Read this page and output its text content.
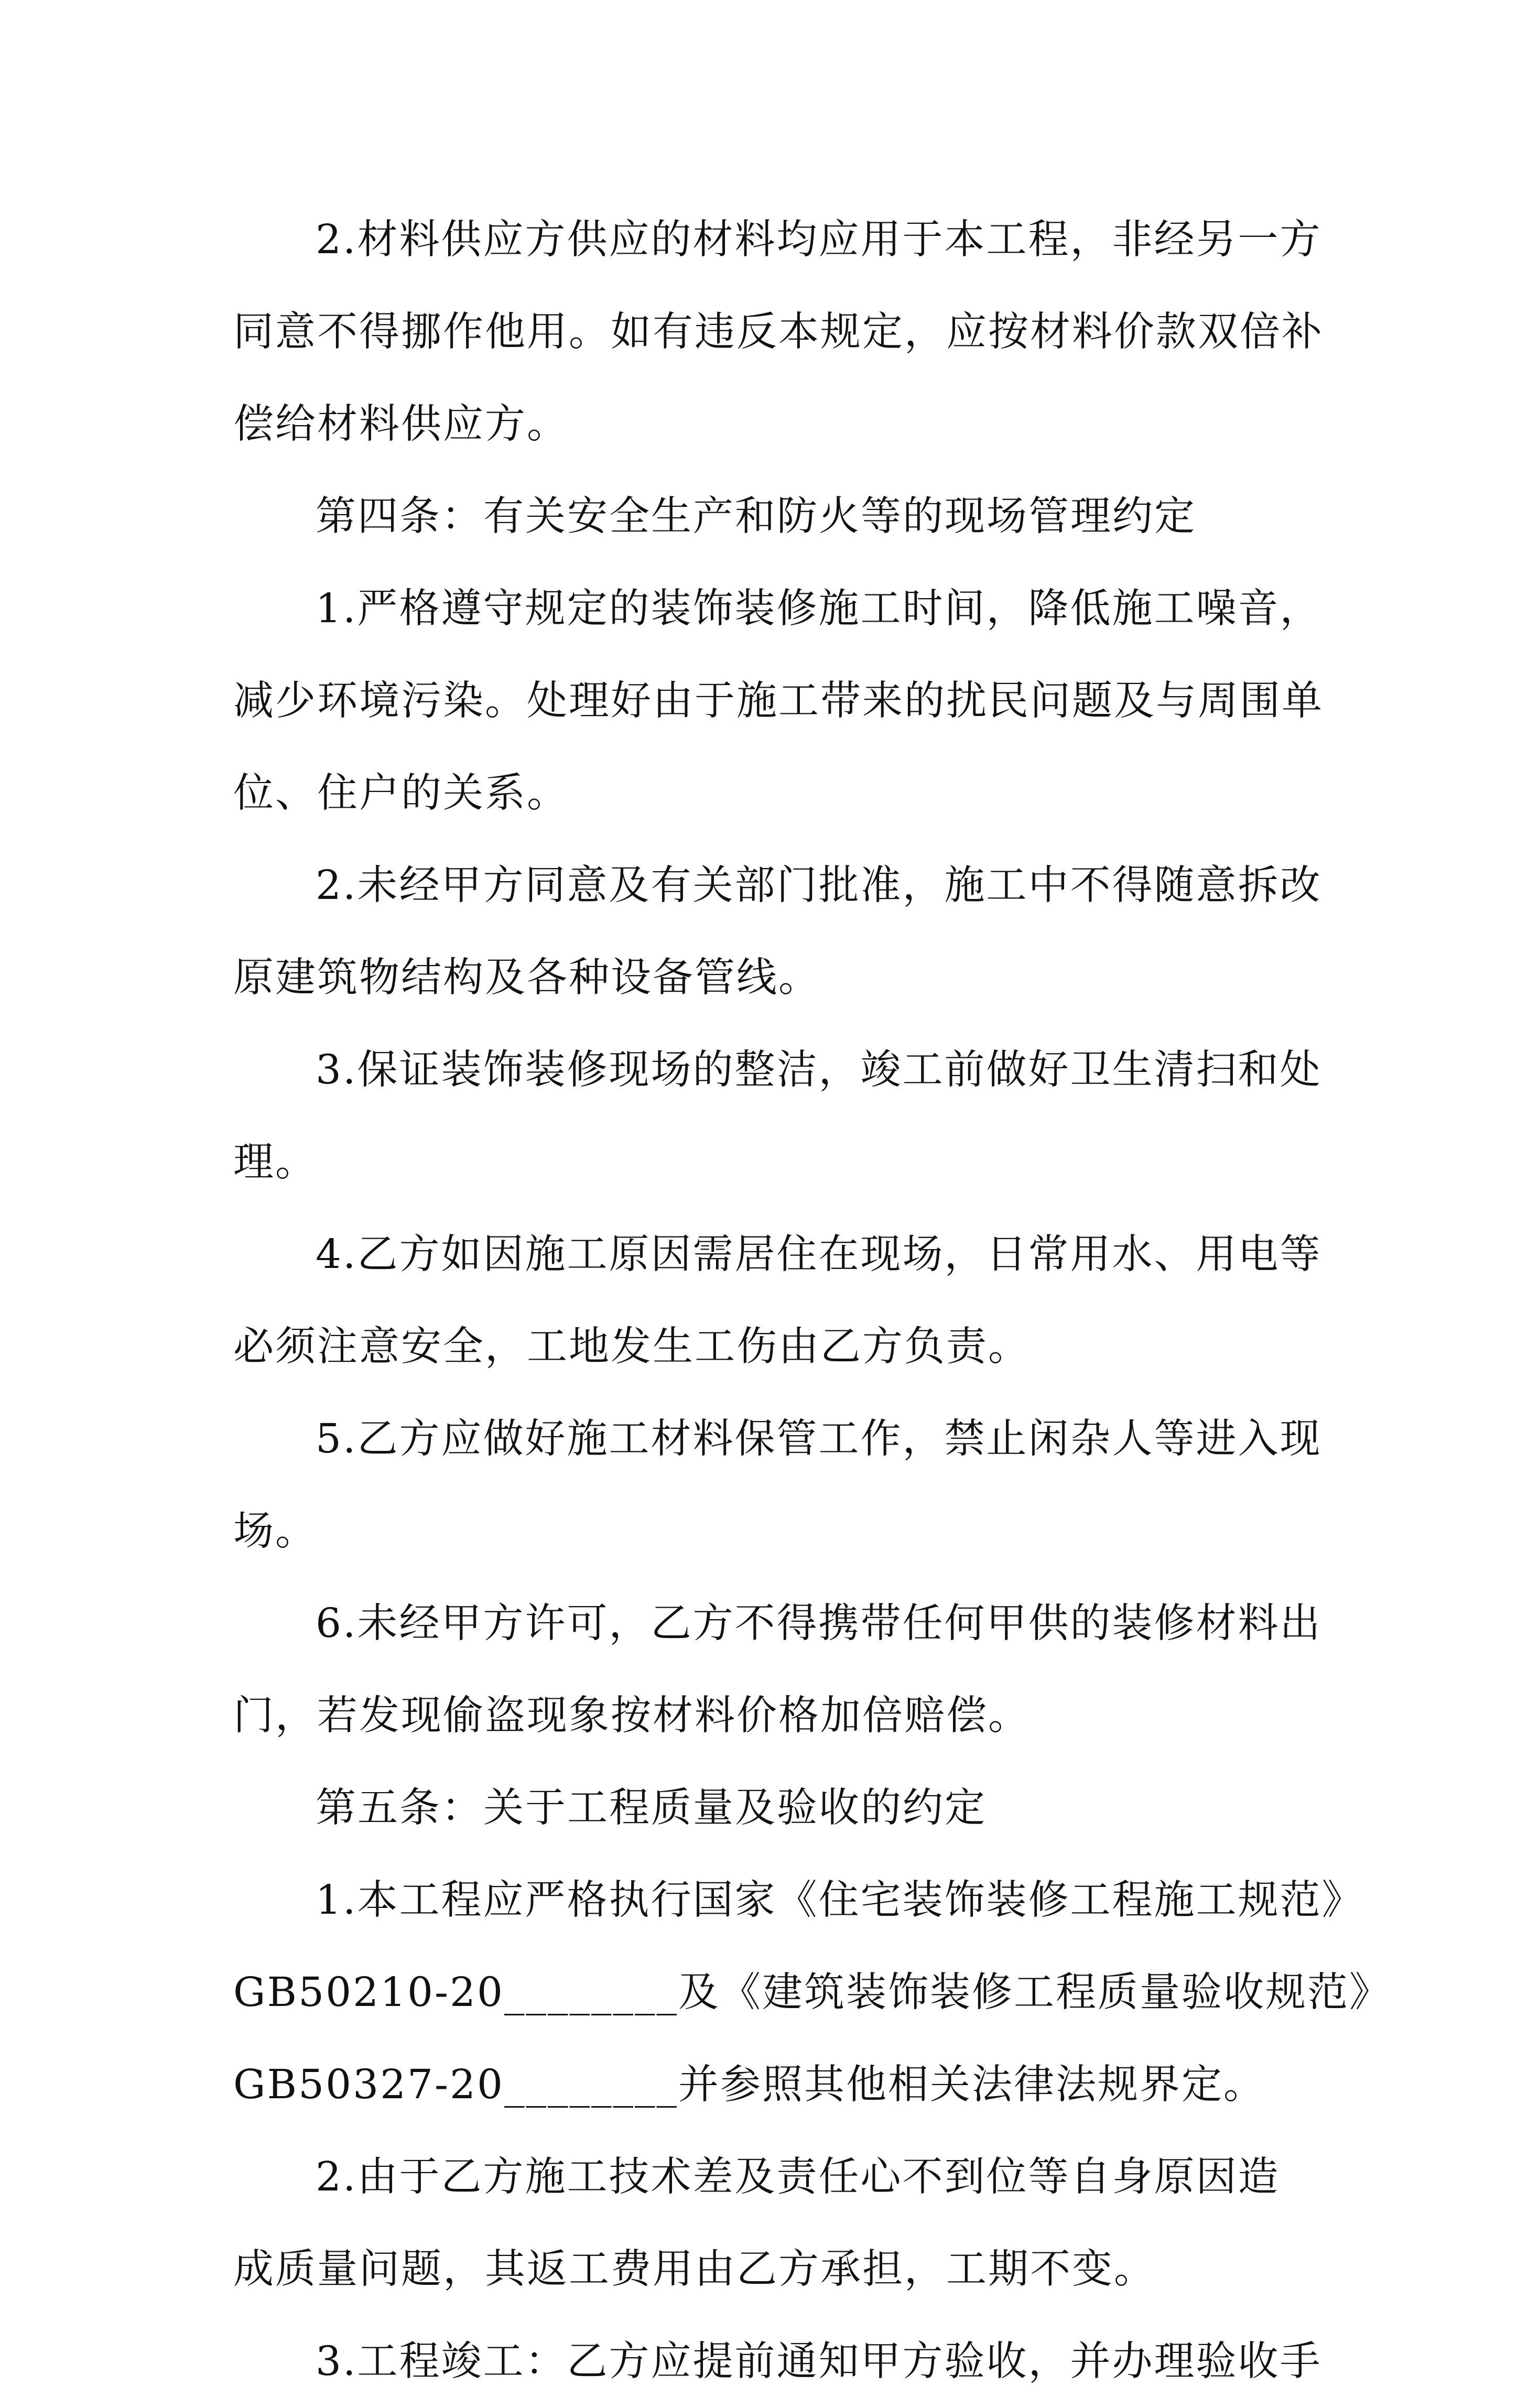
2.材料供应方供应的材料均应用于本工程，非经另一方
同意不得挪作他用。如有违反本规定，应按材料价款双倍补
偿给材料供应方。
第四条：有关安全生产和防火等的现场管理约定
1.严格遵守规定的装饰装修施工时间，降低施工噪音，
减少环境污染。处理好由于施工带来的扰民问题及与周围单
位、住户的关系。
2.未经甲方同意及有关部门批准，施工中不得随意拆改
原建筑物结构及各种设备管线。
3.保证装饰装修现场的整洁，竣工前做好卫生清扫和处
理。
4.乙方如因施工原因需居住在现场，日常用水、用电等
必须注意安全，工地发生工伤由乙方负责。
5.乙方应做好施工材料保管工作，禁止闲杂人等进入现
场。
6.未经甲方许可，乙方不得携带任何甲供的装修材料出
门，若发现偷盗现象按材料价格加倍赔偿。
第五条：关于工程质量及验收的约定
1.本工程应严格执行国家《住宅装饰装修工程施工规范》
GB50210-20________及《建筑装饰装修工程质量验收规范》
GB50327-20________并参照其他相关法律法规界定。
2.由于乙方施工技术差及责任心不到位等自身原因造
成质量问题，其返工费用由乙方承担，工期不变。
3.工程竣工：乙方应提前通知甲方验收，并办理验收手
